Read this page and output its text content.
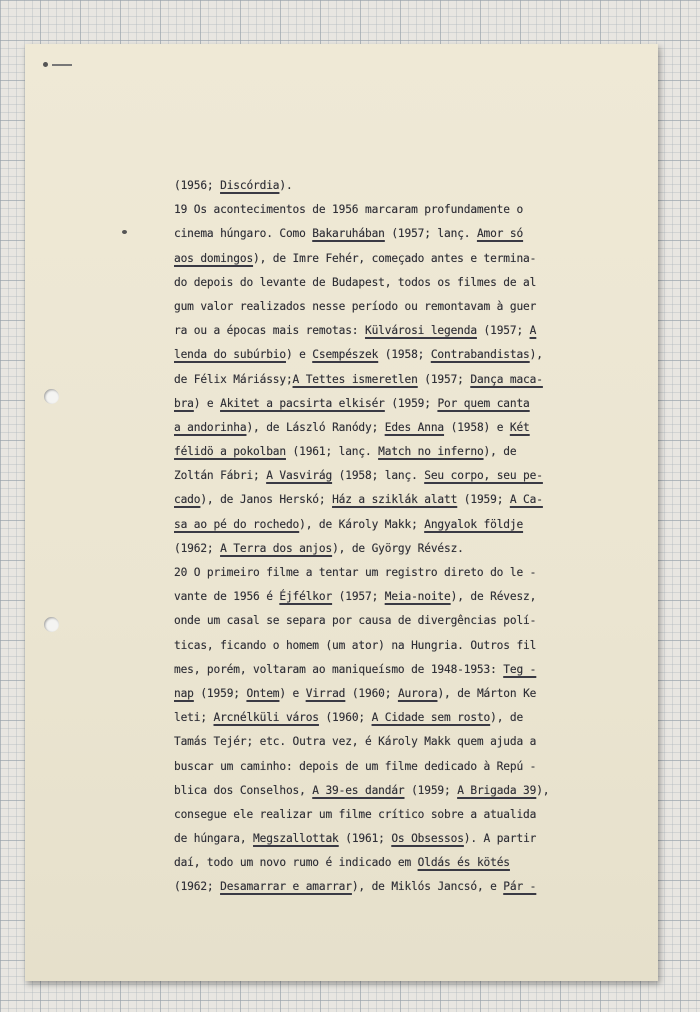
(1956; Discórdia).
19 Os acontecimentos de 1956 marcaram profundamente o
cinema húngaro. Como Bakaruhában (1957; lanç. Amor só
aos domingos), de Imre Fehér, começado antes e termina-
do depois do levante de Budapest, todos os filmes de al
gum valor realizados nesse período ou remontavam à guer
ra ou a épocas mais remotas: Külvárosi legenda (1957; A
lenda do subúrbio) e Csempészek (1958; Contrabandistas),
de Félix Máriássy;A Tettes ismeretlen (1957; Dança maca-
bra) e Akitet a pacsirta elkisér (1959; Por quem canta
a andorinha), de László Ranódy; Edes Anna (1958) e Két
félidö a pokolban (1961; lanç. Match no inferno), de
Zoltán Fábri; A Vasvirág (1958; lanç. Seu corpo, seu pe-
cado), de Janos Herskó; Ház a sziklák alatt (1959; A Ca-
sa ao pé do rochedo), de Károly Makk; Angyalok földje
(1962; A Terra dos anjos), de György Révész.
20 O primeiro filme a tentar um registro direto do le -
vante de 1956 é Éjfélkor (1957; Meia-noite), de Révesz,
onde um casal se separa por causa de divergências polí-
ticas, ficando o homem (um ator) na Hungria. Outros fil
mes, porém, voltaram ao maniqueísmo de 1948-1953: Teg -
nap (1959; Ontem) e Virrad (1960; Aurora), de Márton Ke
leti; Arcnélküli város (1960; A Cidade sem rosto), de
Tamás Tejér; etc. Outra vez, é Károly Makk quem ajuda a
buscar um caminho: depois de um filme dedicado à Repú -
blica dos Conselhos, A 39-es dandár (1959; A Brigada 39),
consegue ele realizar um filme crítico sobre a atualida
de húngara, Megszallottak (1961; Os Obsessos). A partir
daí, todo um novo rumo é indicado em Oldás és kötés
(1962; Desamarrar e amarrar), de Miklós Jancsó, e Pár -
